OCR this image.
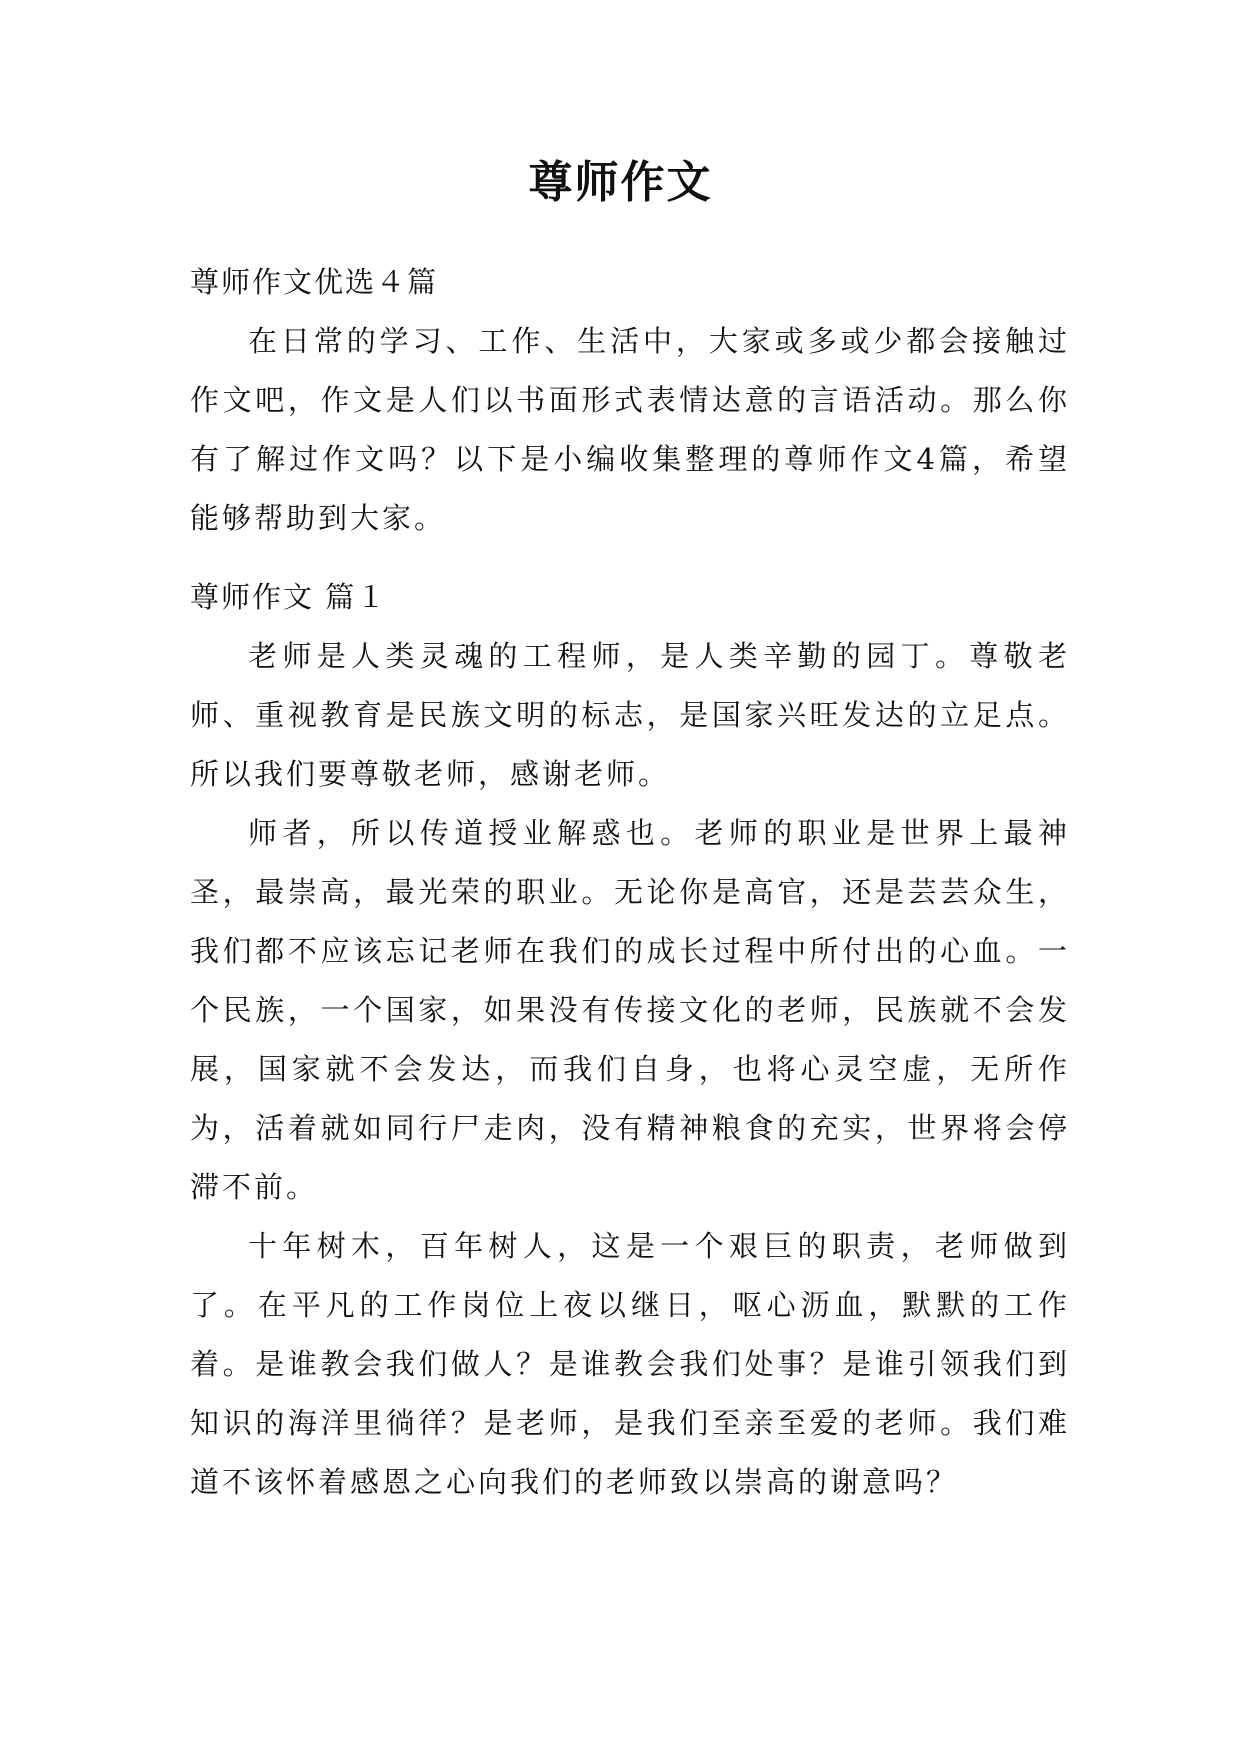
尊师作文
尊师作文优选４篇

在日常的学习、工作、生活中，大家或多或少都会接触过作文吧，作文是人们以书面形式表情达意的言语活动。那么你有了解过作文吗？以下是小编收集整理的尊师作文4篇，希望能够帮助到大家。

尊师作文 篇１

老师是人类灵魂的工程师，是人类辛勤的园丁。尊敬老师、重视教育是民族文明的标志，是国家兴旺发达的立足点。所以我们要尊敬老师，感谢老师。

师者，所以传道授业解惑也。老师的职业是世界上最神圣，最崇高，最光荣的职业。无论你是高官，还是芸芸众生，我们都不应该忘记老师在我们的成长过程中所付出的心血。一个民族，一个国家，如果没有传接文化的老师，民族就不会发展，国家就不会发达，而我们自身，也将心灵空虚，无所作为，活着就如同行尸走肉，没有精神粮食的充实，世界将会停滞不前。

十年树木，百年树人，这是一个艰巨的职责，老师做到了。在平凡的工作岗位上夜以继日，呕心沥血，默默的工作着。是谁教会我们做人？是谁教会我们处事？是谁引领我们到知识的海洋里徜徉？是老师，是我们至亲至爱的老师。我们难道不该怀着感恩之心向我们的老师致以崇高的谢意吗？
